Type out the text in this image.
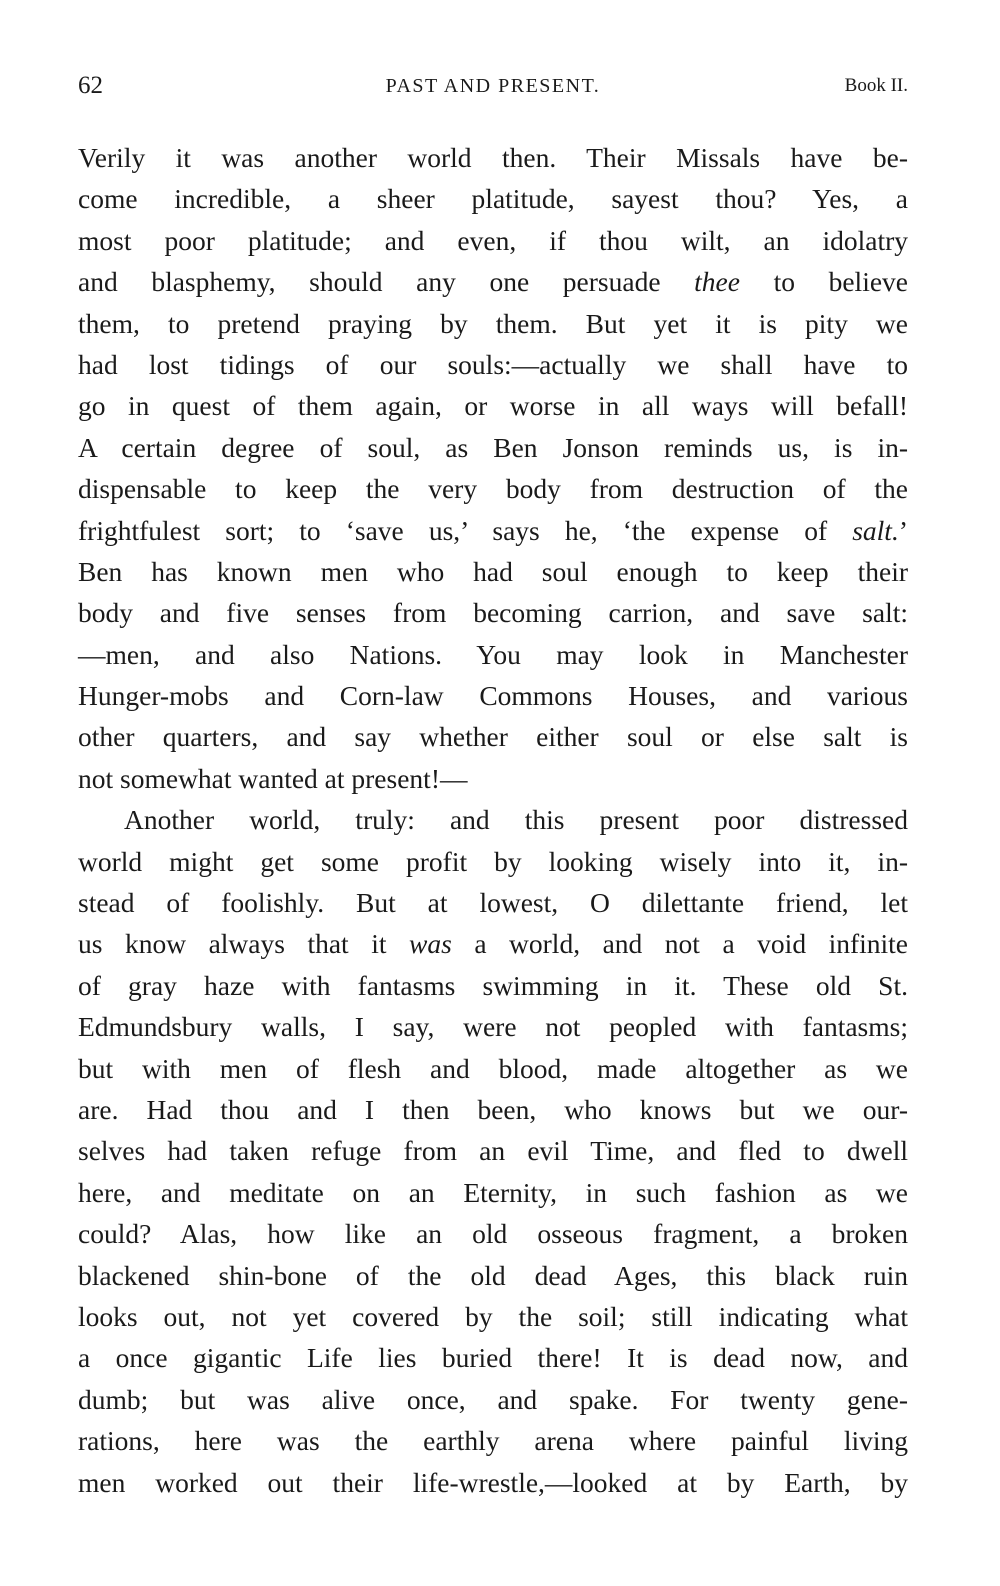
62	PAST AND PRESENT.	Book II.
Verily it was another world then. Their Missals have be-
come incredible, a sheer platitude, sayest thou? Yes, a
most poor platitude; and even, if thou wilt, an idolatry
and blasphemy, should any one persuade thee to believe
them, to pretend praying by them. But yet it is pity we
had lost tidings of our souls:—actually we shall have to
go in quest of them again, or worse in all ways will befall!
A certain degree of soul, as Ben Jonson reminds us, is in-
dispensable to keep the very body from destruction of the
frightfulest sort; to ‘save us,’ says he, ‘the expense of salt.’
Ben has known men who had soul enough to keep their
body and five senses from becoming carrion, and save salt:
—men, and also Nations. You may look in Manchester
Hunger-mobs and Corn-law Commons Houses, and various
other quarters, and say whether either soul or else salt is
not somewhat wanted at present!—
Another world, truly: and this present poor distressed
world might get some profit by looking wisely into it, in-
stead of foolishly. But at lowest, O dilettante friend, let
us know always that it was a world, and not a void infinite
of gray haze with fantasms swimming in it. These old St.
Edmundsbury walls, I say, were not peopled with fantasms;
but with men of flesh and blood, made altogether as we
are. Had thou and I then been, who knows but we our-
selves had taken refuge from an evil Time, and fled to dwell
here, and meditate on an Eternity, in such fashion as we
could? Alas, how like an old osseous fragment, a broken
blackened shin-bone of the old dead Ages, this black ruin
looks out, not yet covered by the soil; still indicating what
a once gigantic Life lies buried there! It is dead now, and
dumb; but was alive once, and spake. For twenty gene-
rations, here was the earthly arena where painful living
men worked out their life-wrestle,—looked at by Earth, by
